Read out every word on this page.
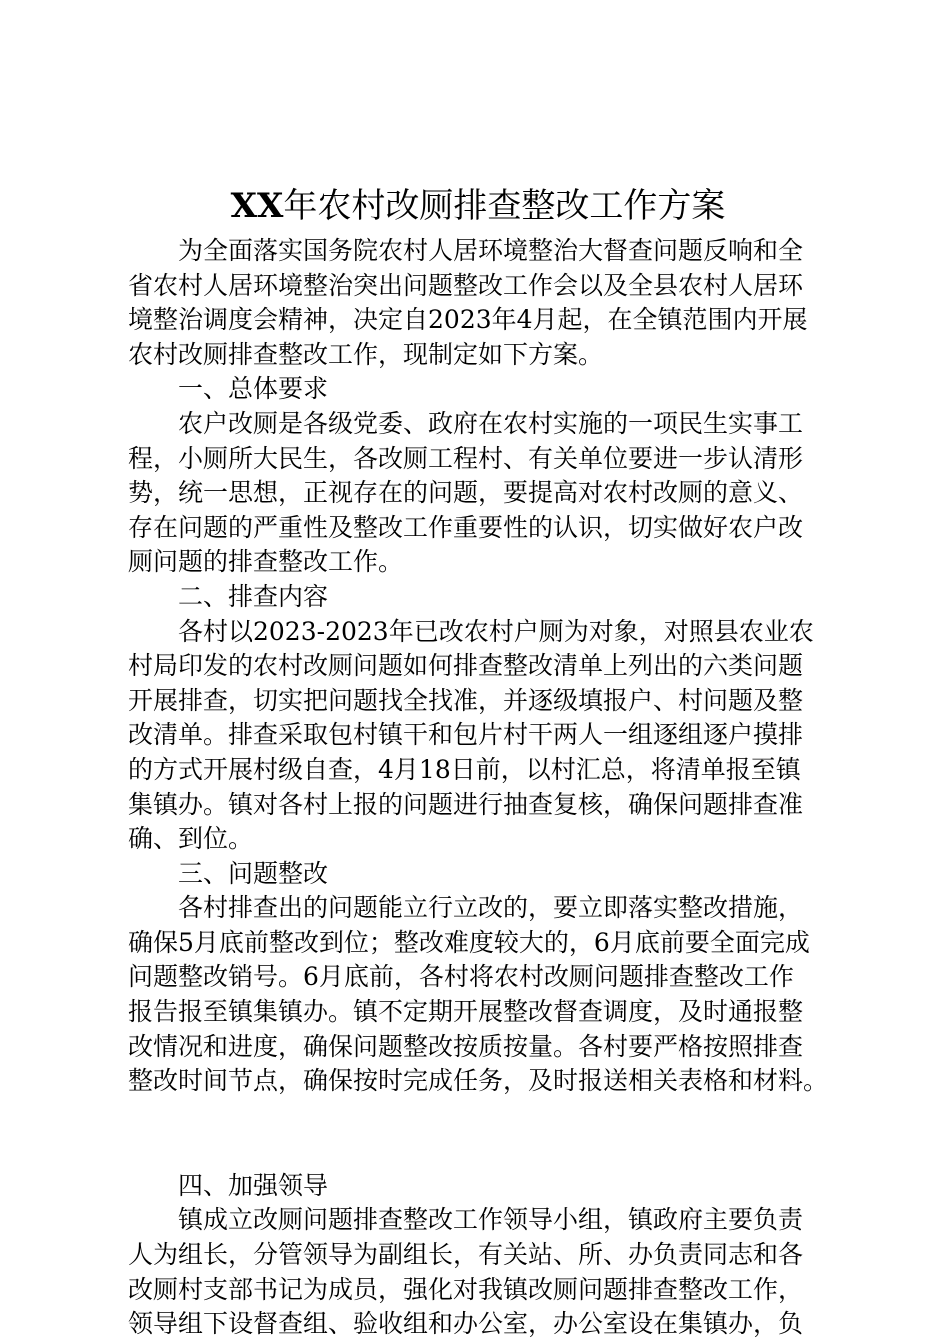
XX年农村改厕排查整改工作方案

为全面落实国务院农村人居环境整治大督查问题反响和全

省农村人居环境整治突出问题整改工作会以及全县农村人居环

境整治调度会精神，决定自2023年4月起，在全镇范围内开展

农村改厕排查整改工作，现制定如下方案。

一、总体要求

农户改厕是各级党委、政府在农村实施的一项民生实事工

程，小厕所大民生，各改厕工程村、有关单位要进一步认清形

势，统一思想，正视存在的问题，要提高对农村改厕的意义、

存在问题的严重性及整改工作重要性的认识，切实做好农户改

厕问题的排查整改工作。

二、排查内容

各村以2023-2023年已改农村户厕为对象，对照县农业农

村局印发的农村改厕问题如何排查整改清单上列出的六类问题

开展排查，切实把问题找全找准，并逐级填报户、村问题及整

改清单。排查采取包村镇干和包片村干两人一组逐组逐户摸排

的方式开展村级自查，4月18日前，以村汇总，将清单报至镇

集镇办。镇对各村上报的问题进行抽查复核，确保问题排查准

确、到位。

三、问题整改

各村排查出的问题能立行立改的，要立即落实整改措施，

确保5月底前整改到位；整改难度较大的，6月底前要全面完成

问题整改销号。6月底前，各村将农村改厕问题排查整改工作

报告报至镇集镇办。镇不定期开展整改督查调度，及时通报整

改情况和进度，确保问题整改按质按量。各村要严格按照排查

整改时间节点，确保按时完成任务，及时报送相关表格和材料。

四、加强领导

镇成立改厕问题排查整改工作领导小组，镇政府主要负责

人为组长，分管领导为副组长，有关站、所、办负责同志和各

改厕村支部书记为成员，强化对我镇改厕问题排查整改工作，

领导组下设督查组、验收组和办公室，办公室设在集镇办，负
